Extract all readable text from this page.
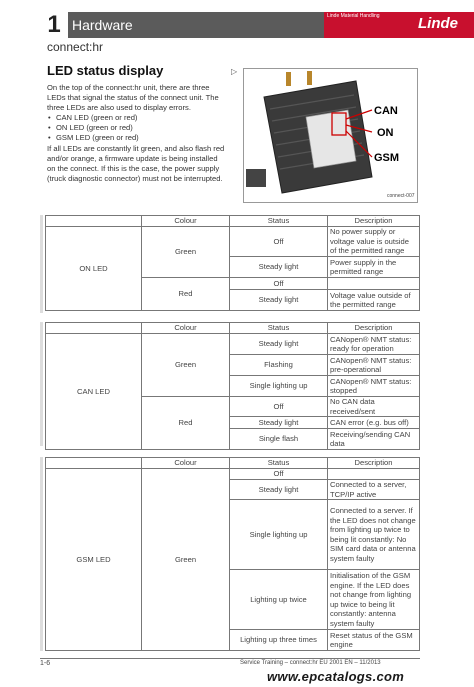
1 Hardware
Linde Material Handling	Linde
connect:hr
LED status display	▷

On the top of the connect:hr unit, there are three LEDs that signal the status of the connect unit. The three LEDs are also used to display errors.

• CAN LED (green or red)
• ON LED (green or red)
• GSM LED (green or red)

If all LEDs are constantly lit green, and also flash red and/or orange, a firmware update is being installed on the connect. If this is the case, the power supply (truck diagnostic connector) must not be interrupted.

CAN
ON
GSM
connect-007
	Colour	Status	Description
ON LED	Green	Off	No power supply or voltage value is outside of the permitted range
		Steady light	Power supply in the permitted range
	Red	Off	
		Steady light	Voltage value outside of the permitted range
	Colour	Status	Description
CAN LED	Green	Steady light	CANopen® NMT status: ready for operation
		Flashing	CANopen® NMT status: pre-operational
		Single lighting up	CANopen® NMT status: stopped
	Red	Off	No CAN data received/sent
		Steady light	CAN error (e.g. bus off)
		Single flash	Receiving/sending CAN data
	Colour	Status	Description
GSM LED	Green	Off	
		Steady light	Connected to a server, TCP/IP active
		Single lighting up	Connected to a server. If the LED does not change from lighting up twice to being lit constantly: No SIM card data or antenna system faulty
		Lighting up twice	Initialisation of the GSM engine. If the LED does not change from lighting up twice to being lit constantly: antenna system faulty
		Lighting up three times	Reset status of the GSM engine
1-6	Service Training – connect:hr EU 2001 EN – 11/2013
www.epcatalogs.com
